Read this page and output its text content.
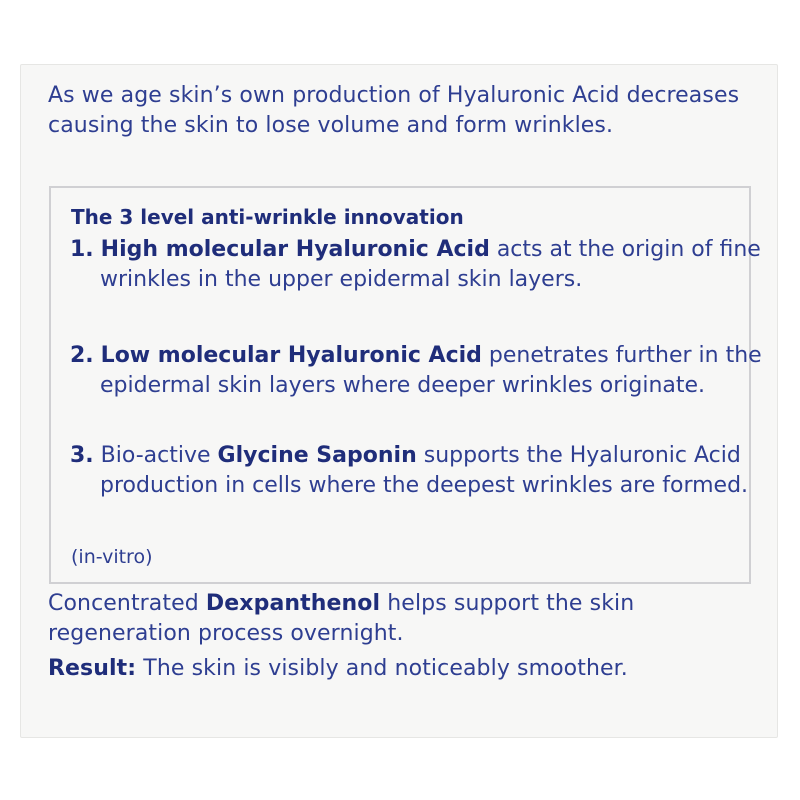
As we age skin’s own production of Hyaluronic Acid decreases causing the skin to lose volume and form wrinkles.

The 3 level anti-wrinkle innovation

1. High molecular Hyaluronic Acid acts at the origin of fine wrinkles in the upper epidermal skin layers.

2. Low molecular Hyaluronic Acid penetrates further in the epidermal skin layers where deeper wrinkles originate.

3. Bio-active Glycine Saponin supports the Hyaluronic Acid production in cells where the deepest wrinkles are formed.

(in-vitro)

Concentrated Dexpanthenol helps support the skin regeneration process overnight.

Result: The skin is visibly and noticeably smoother.
